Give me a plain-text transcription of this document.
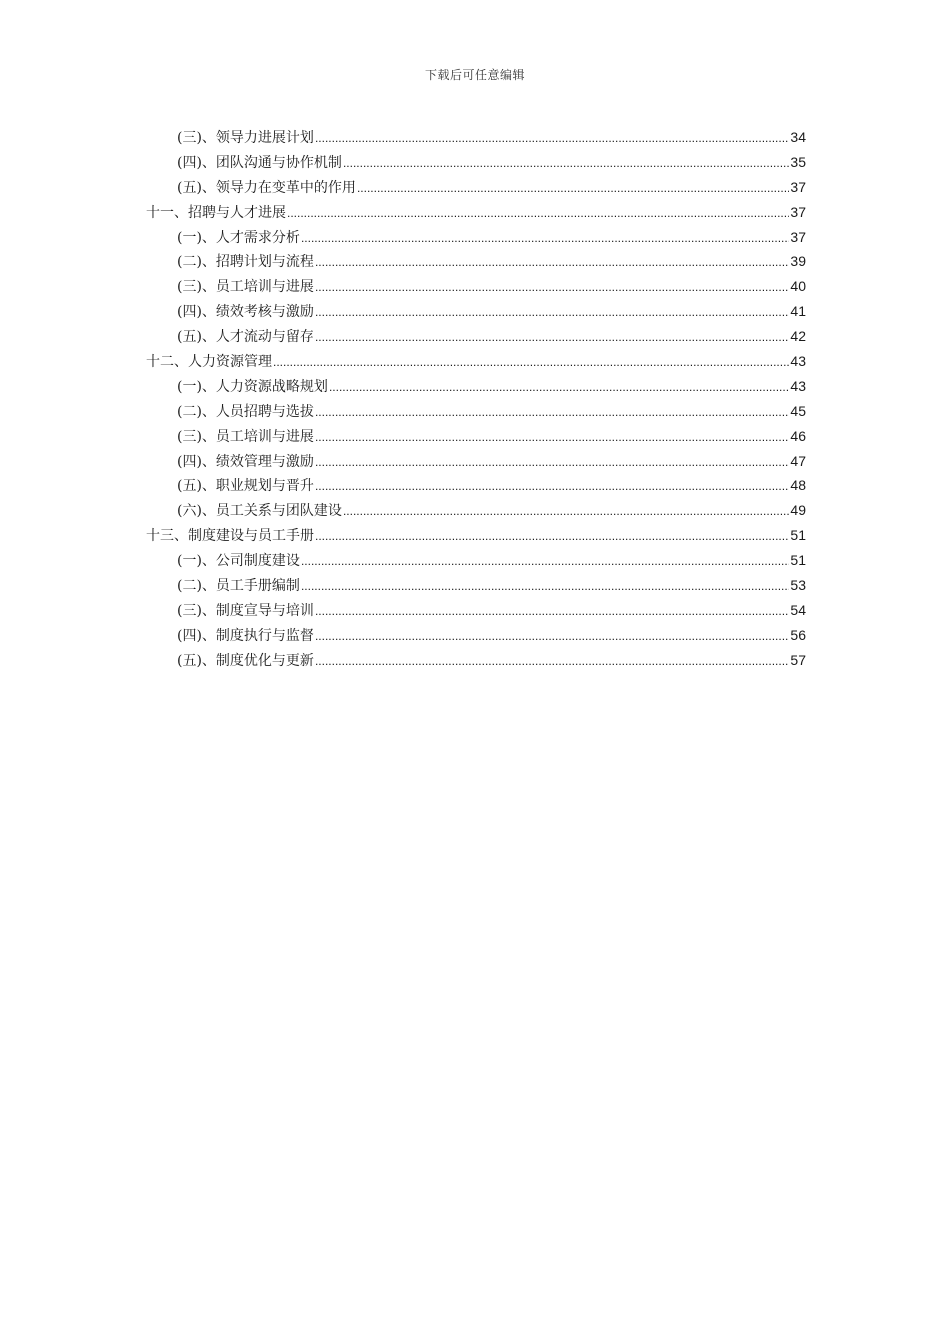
下载后可任意编辑
(三)、领导力进展计划 .....	34
(四)、团队沟通与协作机制 .....	35
(五)、领导力在变革中的作用 .....	37
十一、招聘与人才进展 .....	37
(一)、人才需求分析 .....	37
(二)、招聘计划与流程 .....	39
(三)、员工培训与进展 .....	40
(四)、绩效考核与激励 .....	41
(五)、人才流动与留存 .....	42
十二、人力资源管理 .....	43
(一)、人力资源战略规划 .....	43
(二)、人员招聘与选拔 .....	45
(三)、员工培训与进展 .....	46
(四)、绩效管理与激励 .....	47
(五)、职业规划与晋升 .....	48
(六)、员工关系与团队建设 .....	49
十三、制度建设与员工手册 .....	51
(一)、公司制度建设 .....	51
(二)、员工手册编制 .....	53
(三)、制度宣导与培训 .....	54
(四)、制度执行与监督 .....	56
(五)、制度优化与更新 .....	57
